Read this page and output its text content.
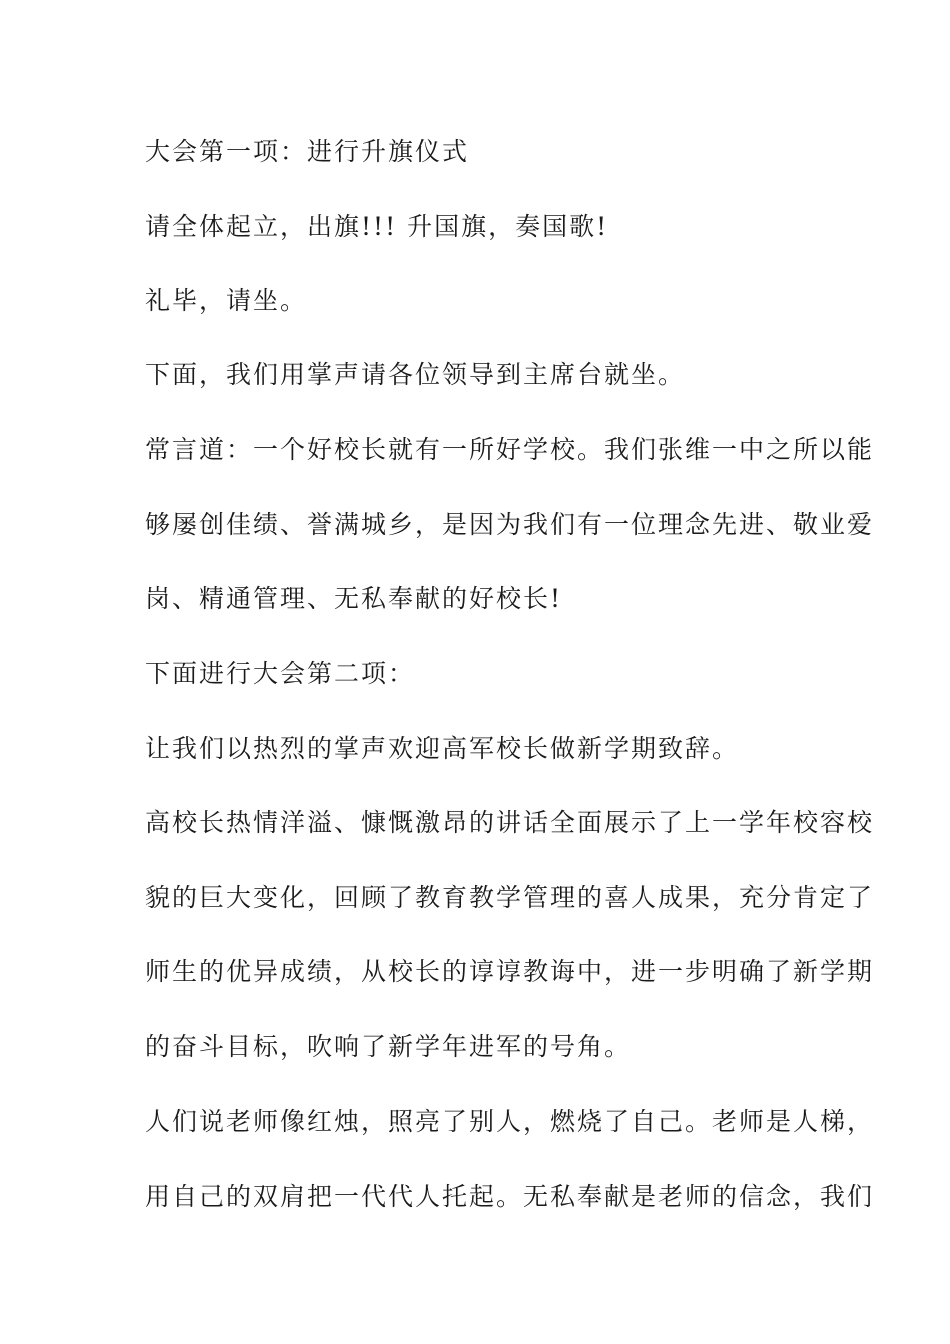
大会第一项：进行升旗仪式

请全体起立，出旗!!! 升国旗，奏国歌!

礼毕，请坐。

下面，我们用掌声请各位领导到主席台就坐。

常言道：一个好校长就有一所好学校。我们张维一中之所以能

够屡创佳绩、誉满城乡，是因为我们有一位理念先进、敬业爱

岗、精通管理、无私奉献的好校长!

下面进行大会第二项：

让我们以热烈的掌声欢迎高军校长做新学期致辞。

高校长热情洋溢、慷慨激昂的讲话全面展示了上一学年校容校

貌的巨大变化，回顾了教育教学管理的喜人成果，充分肯定了

师生的优异成绩，从校长的谆谆教诲中，进一步明确了新学期

的奋斗目标，吹响了新学年进军的号角。

人们说老师像红烛，照亮了别人，燃烧了自己。老师是人梯，

用自己的双肩把一代代人托起。无私奉献是老师的信念，我们
